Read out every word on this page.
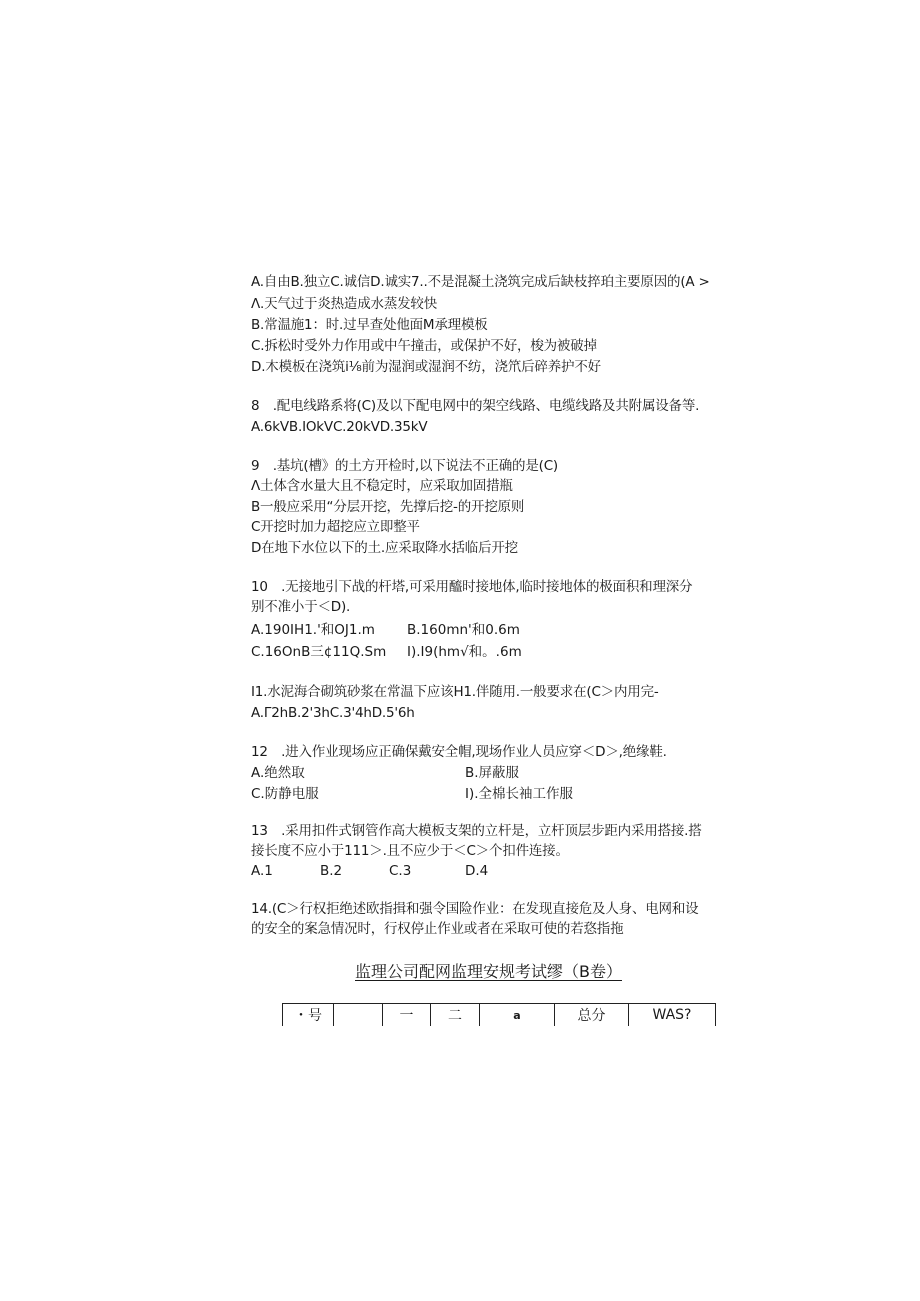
A.自由B.独立C.诚信D.诚实7..不是混凝土浇筑完成后缺枝捽珀主要原因的(A >
Λ.天气过于炎热造成水蒸发较快
B.常温施1：时.过早查处他面M承理模板
C.拆松时受外力作用或中午撞击，或保护不好，梭为被破掉
D.木模板在浇筑i⅛前为湿润或湿润不纺，浇笊后碎养护不好
8　.配电线路系将(C)及以下配电网中的架空线路、电缆线路及共附属设备等.
A.6kVB.IOkVC.20kVD.35kV
9　.基坑(槽》的土方开检时,以下说法不正确的是(C)
Λ土体含水量大且不稳定时，应采取加固措瓶
B一般应采用“分层开挖，先撑后挖-的开挖原则
C开挖时加力超挖应立即整平
D在地下水位以下的土.应采取降水括临后开挖
10　.无接地引下战的杆塔,可采用醯时接地体,临时接地体的极面积和理深分
别不准小于＜D).
A.190IH1.'和OJ1.m B.160mn'和0.6m
C.16OnB三¢11Q.Sm I).I9(hm√和。.6m
I1.水泥海合砌筑砂浆在常温下应该H1.伴随用.一般要求在(C＞内用完-
A.Γ2hB.2'3hC.3'4hD.5'6h
12　.进入作业现场应正确保戴安全帽,现场作业人员应穿＜D＞,绝缘鞋.
A.绝然取	B.屏蔽服
C.防静电服	I).全棉长袖工作服
13　.采用扣件式钢管作高大模板支架的立杆是，立杆顶层步距内采用搭接.搭
接长度不应小于111＞.且不应少于＜C＞个扣件连接。
A.1	B.2	C.3	D.4
14.(C＞行权拒绝述欧指揖和强令国险作业：在发现直接危及人身、电网和设
的安全的案急情况时，行权停止作业或者在采取可使的若㤵指拖
监理公司配网监理安规考试缪（B卷）
・号		一	二	a	总分	WAS?
